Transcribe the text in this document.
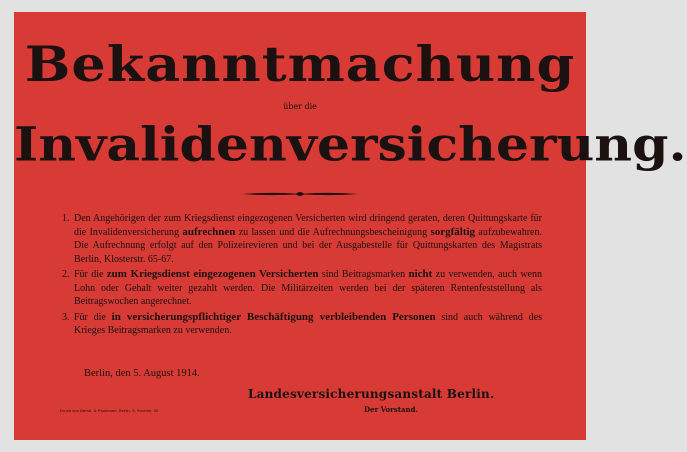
Bekanntmachung
über die
Invalidenversicherung.
1. Den Angehörigen der zum Kriegsdienst eingezogenen Versicherten wird dringend geraten, deren Quittungskarte für die Invalidenversicherung aufrechnen zu lassen und die Aufrechnungsbescheinigung sorgfältig aufzubewahren. Die Aufrechnung erfolgt auf den Polizeirevieren und bei der Ausgabestelle für Quittungskarten des Magistrats Berlin, Klosterstr. 65-67.
2. Für die zum Kriegsdienst eingezogenen Versicherten sind Beitragsmarken nicht zu verwenden, auch wenn Lohn oder Gehalt weiter gezahlt werden. Die Militärzeiten werden bei der späteren Rentenfeststellung als Beitragswochen angerechnet.
3. Für die in versicherungspflichtiger Beschäftigung verbleibenden Personen sind auch während des Krieges Beitragsmarken zu verwenden.
Berlin, den 5. August 1914.
Druck von Bernh. & Paulmann, Berlin, S. Kochstr. 20
Landesversicherungsanstalt Berlin.
Der Vorstand.
